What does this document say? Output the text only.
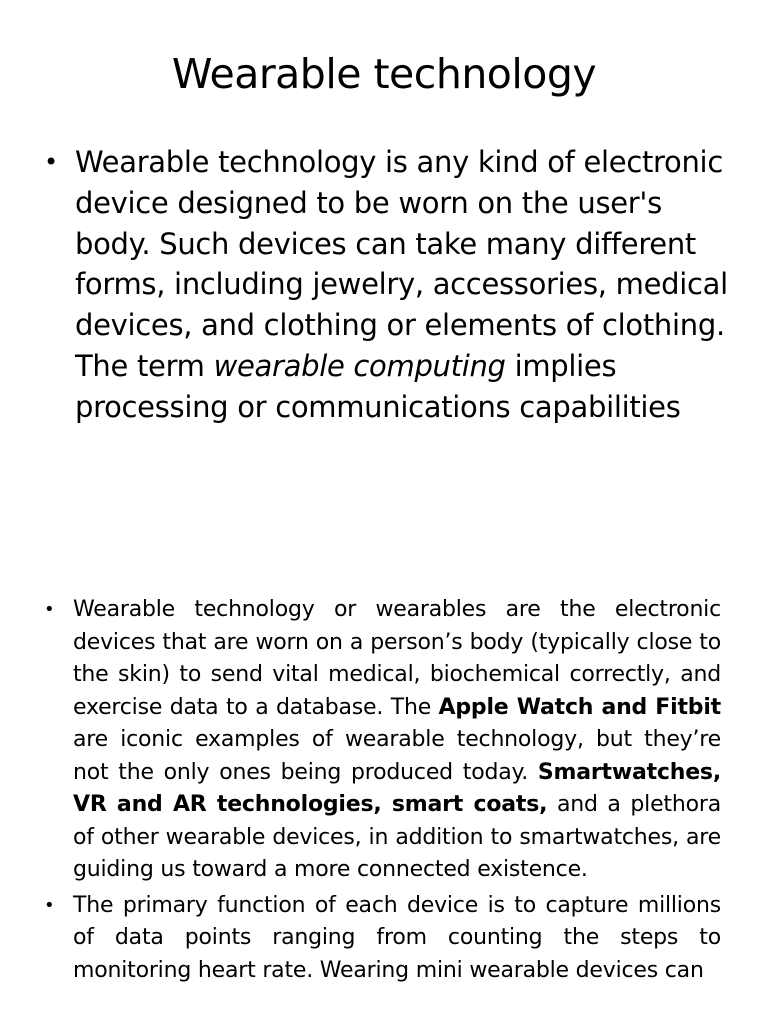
Wearable technology
• Wearable technology is any kind of electronic device designed to be worn on the user's body. Such devices can take many different forms, including jewelry, accessories, medical devices, and clothing or elements of clothing. The term wearable computing implies processing or communications capabilities
• Wearable technology or wearables are the electronic devices that are worn on a person’s body (typically close to the skin) to send vital medical, biochemical correctly, and exercise data to a database. The Apple Watch and Fitbit are iconic examples of wearable technology, but they’re not the only ones being produced today. Smartwatches, VR and AR technologies, smart coats, and a plethora of other wearable devices, in addition to smartwatches, are guiding us toward a more connected existence.
• The primary function of each device is to capture millions of data points ranging from counting the steps to monitoring heart rate. Wearing mini wearable devices can
